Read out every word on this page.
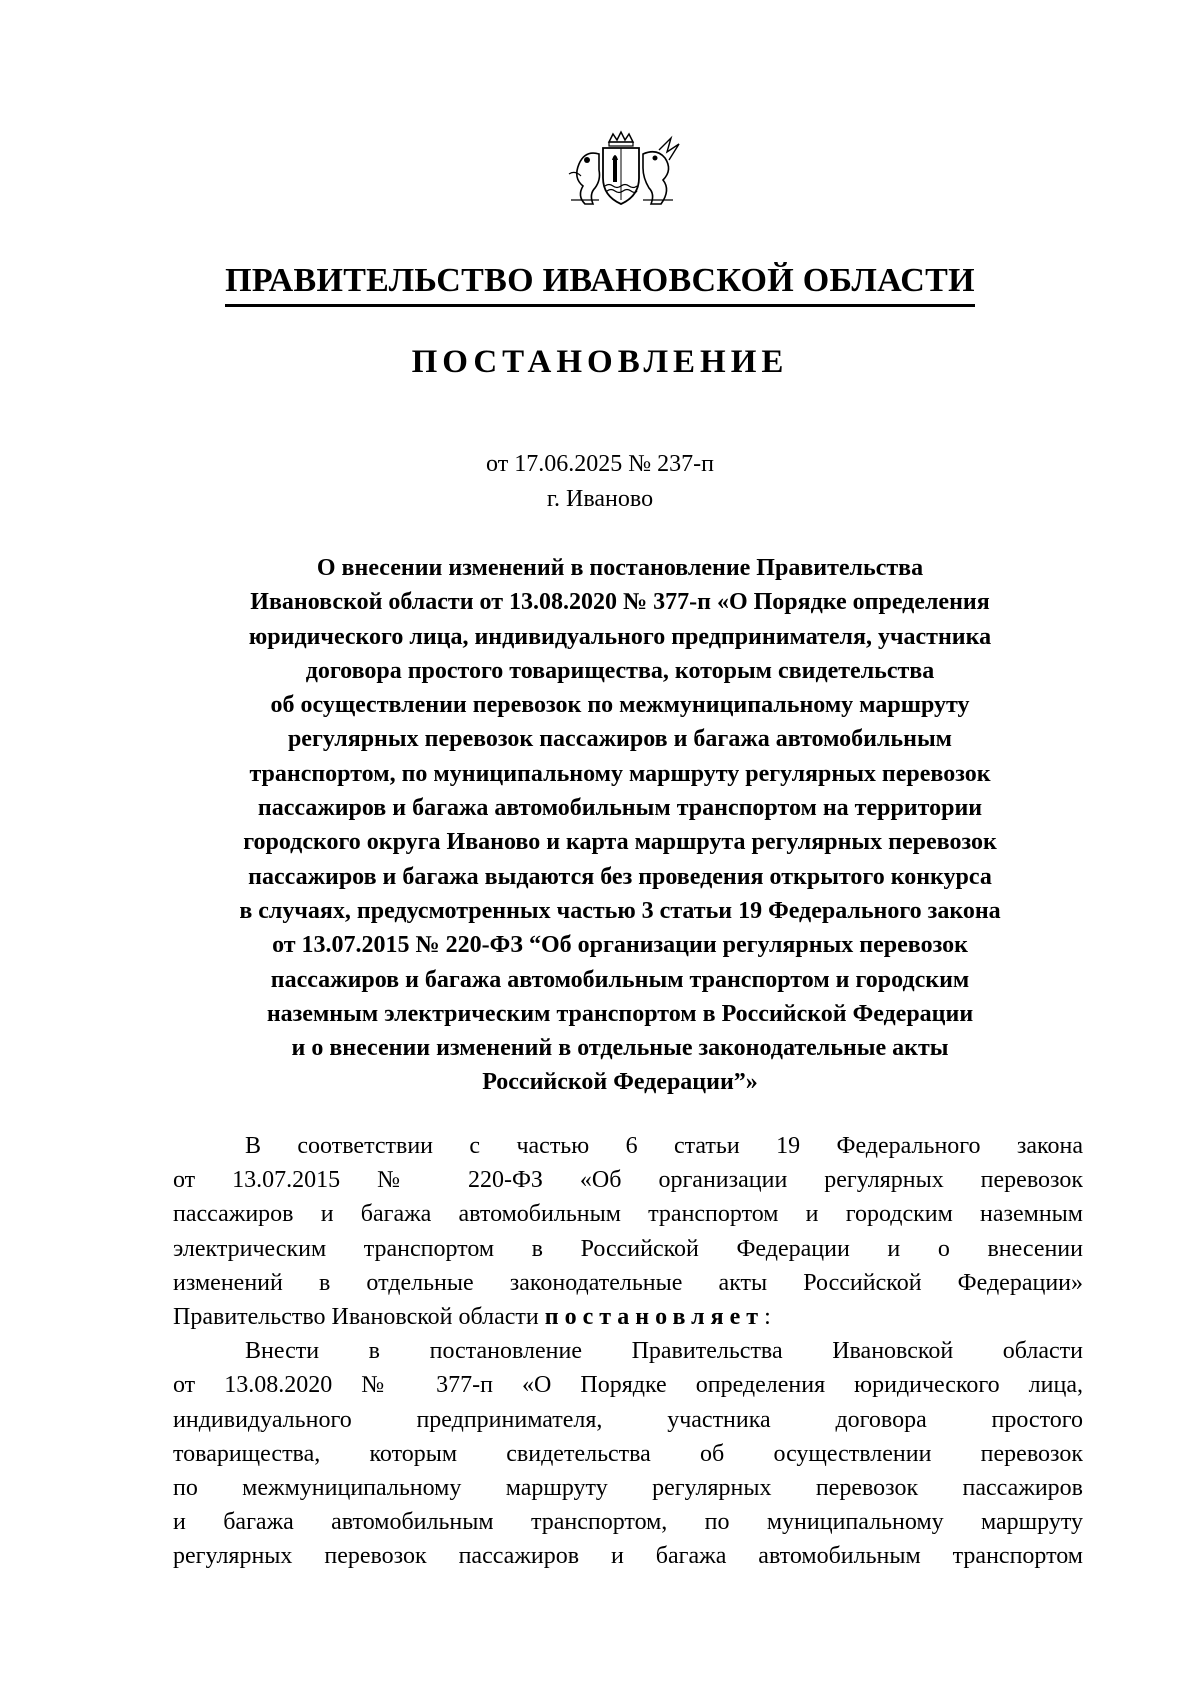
ПРАВИТЕЛЬСТВО ИВАНОВСКОЙ ОБЛАСТИ
ПОСТАНОВЛЕНИЕ
от 17.06.2025 № 237-п
г. Иваново
О внесении изменений в постановление Правительства
Ивановской области от 13.08.2020 № 377-п «О Порядке определения
юридического лица, индивидуального предпринимателя, участника
договора простого товарищества, которым свидетельства
об осуществлении перевозок по межмуниципальному маршруту
регулярных перевозок пассажиров и багажа автомобильным
транспортом, по муниципальному маршруту регулярных перевозок
пассажиров и багажа автомобильным транспортом на территории
городского округа Иваново и карта маршрута регулярных перевозок
пассажиров и багажа выдаются без проведения открытого конкурса
в случаях, предусмотренных частью 3 статьи 19 Федерального закона
от 13.07.2015 № 220-ФЗ “Об организации регулярных перевозок
пассажиров и багажа автомобильным транспортом и городским
наземным электрическим транспортом в Российской Федерации
и о внесении изменений в отдельные законодательные акты
Российской Федерации”»
В соответствии с частью 6 статьи 19 Федерального закона
от 13.07.2015 № 220-ФЗ «Об организации регулярных перевозок
пассажиров и багажа автомобильным транспортом и городским наземным
электрическим транспортом в Российской Федерации и о внесении
изменений в отдельные законодательные акты Российской Федерации»
Правительство Ивановской области постановляет:
Внести в постановление Правительства Ивановской области
от 13.08.2020 № 377-п «О Порядке определения юридического лица,
индивидуального предпринимателя, участника договора простого
товарищества, которым свидетельства об осуществлении перевозок
по межмуниципальному маршруту регулярных перевозок пассажиров
и багажа автомобильным транспортом, по муниципальному маршруту
регулярных перевозок пассажиров и багажа автомобильным транспортом
